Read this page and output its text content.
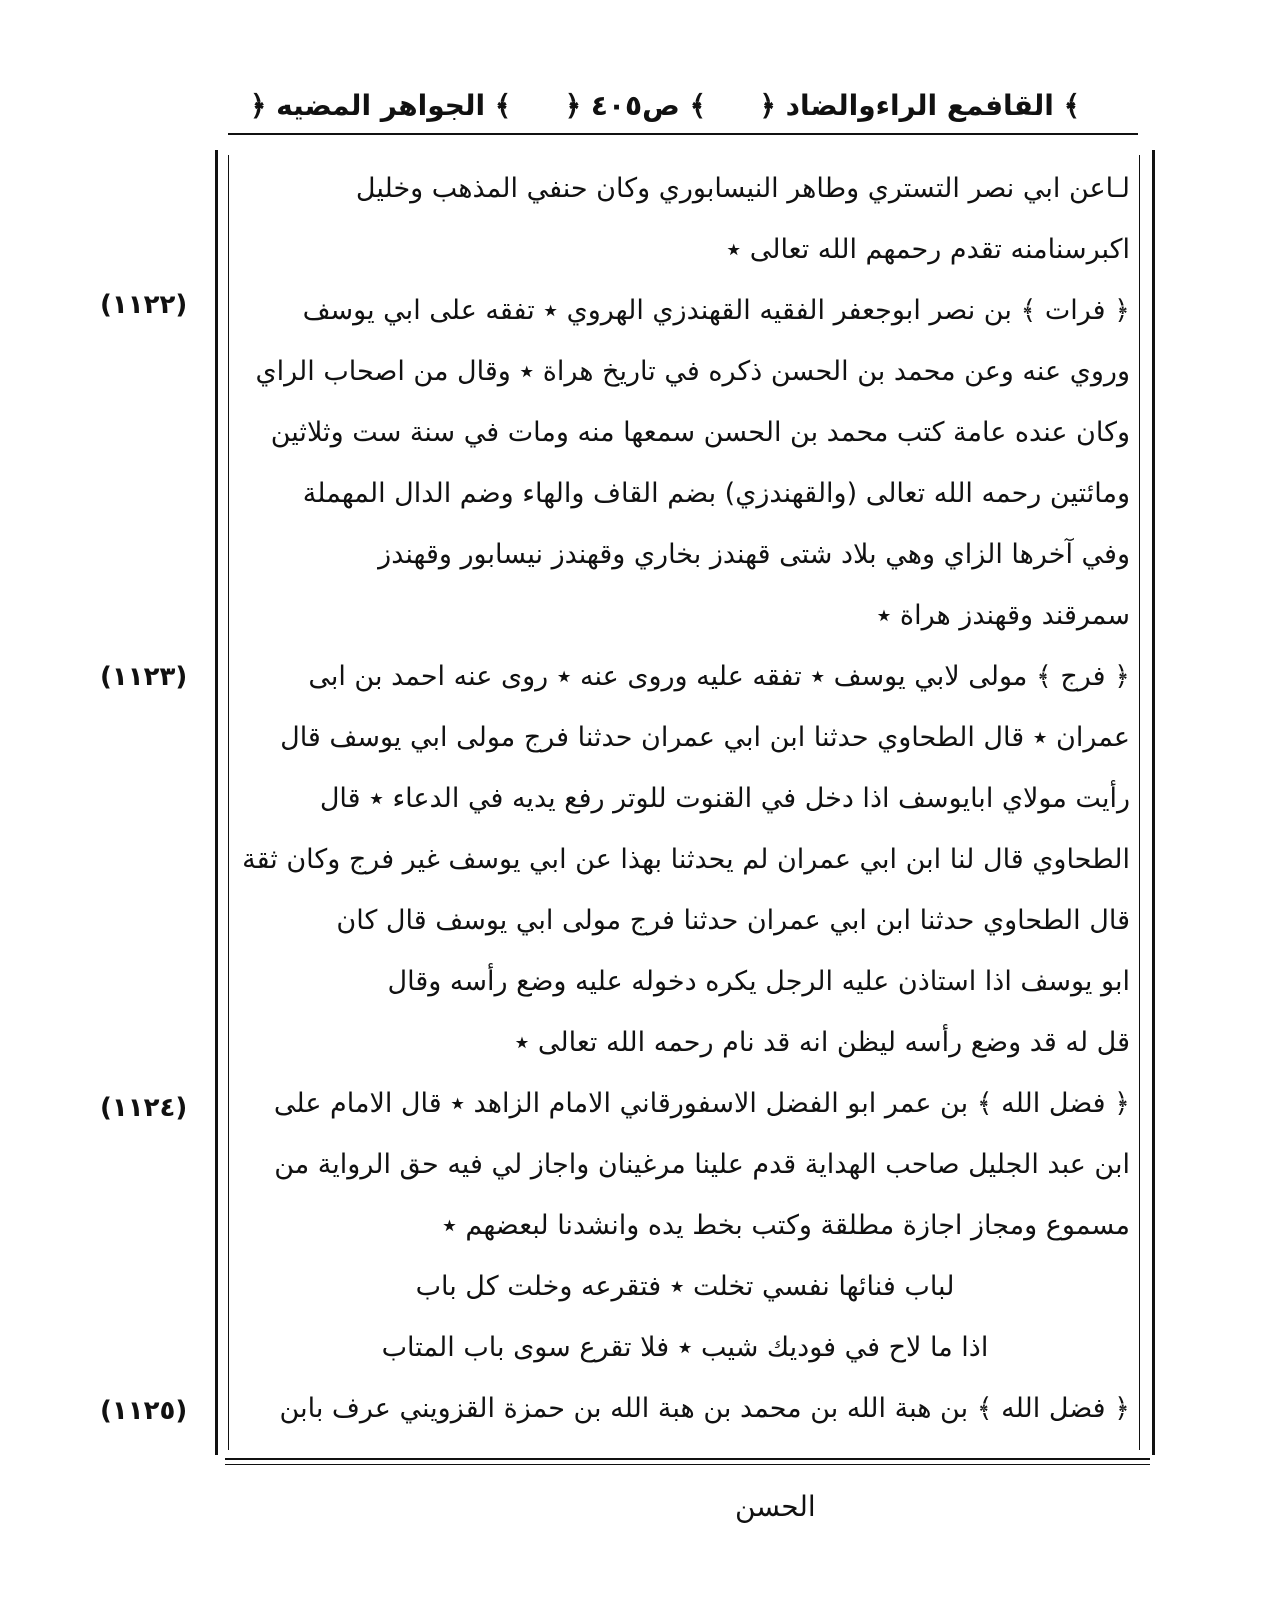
﴿ القافمع الراءوالضاد ﴾
﴿ ص٤٠٥ ﴾
﴿ الجواهر المضيه ﴾
لـاعن ابي نصر التستري وطاهر النيسابوري وكان حنفي المذهب وخليل
اكبرسنامنه تقدم رحمهم الله تعالى ٭
﴿ فرات ﴾ بن نصر ابوجعفر الفقيه القهندزي الهروي ٭ تفقه على ابي يوسف
وروي عنه وعن محمد بن الحسن ذكره في تاريخ هراة ٭ وقال من اصحاب الراي
وكان عنده عامة كتب محمد بن الحسن سمعها منه ومات في سنة ست وثلاثين
ومائتين رحمه الله تعالى (والقهندزي) بضم القاف والهاء وضم الدال المهملة
وفي آخرها الزاي وهي بلاد شتى قهندز بخاري وقهندز نيسابور وقهندز
سمرقند وقهندز هراة ٭
﴿ فرج ﴾ مولى لابي يوسف ٭ تفقه عليه وروى عنه ٭ روى عنه احمد بن ابى
عمران ٭ قال الطحاوي حدثنا ابن ابي عمران حدثنا فرج مولى ابي يوسف قال
رأيت مولاي ابايوسف اذا دخل في القنوت للوتر رفع يديه في الدعاء ٭ قال
الطحاوي قال لنا ابن ابي عمران لم يحدثنا بهذا عن ابي يوسف غير فرج وكان ثقة
قال الطحاوي حدثنا ابن ابي عمران حدثنا فرج مولى ابي يوسف قال كان
ابو يوسف اذا استاذن عليه الرجل يكره دخوله عليه وضع رأسه وقال
قل له قد وضع رأسه ليظن انه قد نام رحمه الله تعالى ٭
﴿ فضل الله ﴾ بن عمر ابو الفضل الاسفورقاني الامام الزاهد ٭ قال الامام على
ابن عبد الجليل صاحب الهداية قدم علينا مرغينان واجاز لي فيه حق الرواية من
مسموع ومجاز اجازة مطلقة وكتب بخط يده وانشدنا لبعضهم ٭
لباب فنائها نفسي تخلت ٭ فتقرعه وخلت كل باب
اذا ما لاح في فوديك شيب ٭ فلا تقرع سوى باب المتاب
﴿ فضل الله ﴾ بن هبة الله بن محمد بن هبة الله بن حمزة القزويني عرف بابن
(١١٢٢)
(١١٢٣)
(١١٢٤)
(١١٢٥)
الحسن
